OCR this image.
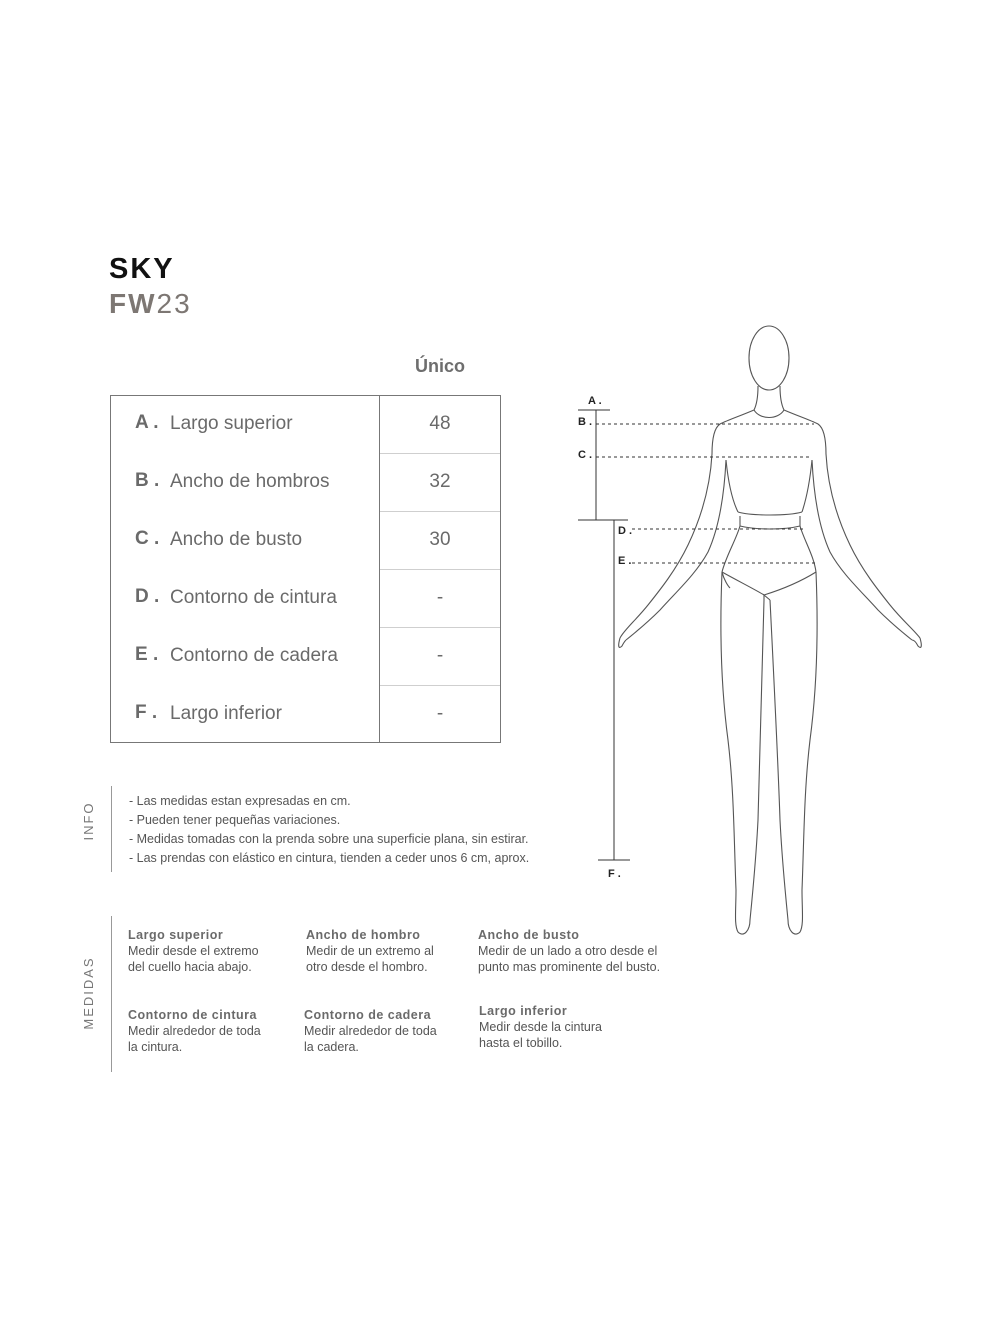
SKY
FW23
Único
A . Largo superior	48
B . Ancho de hombros	32
C . Ancho de busto	30
D . Contorno de cintura	-
E . Contorno de cadera	-
F . Largo inferior	-
INFO
- Las medidas estan expresadas en cm.
- Pueden tener pequeñas variaciones.
- Medidas tomadas con la prenda sobre una superficie plana, sin estirar.
- Las prendas con elástico en cintura, tienden a ceder unos 6 cm, aprox.
MEDIDAS
Largo superior
Medir desde el extremo
del cuello hacia abajo.
Ancho de hombro
Medir de un extremo al
otro desde el hombro.
Ancho de busto
Medir de un lado a otro desde el
punto mas prominente del busto.
Contorno de cintura
Medir alrededor de toda
la cintura.
Contorno de cadera
Medir alrededor de toda
la cadera.
Largo inferior
Medir desde la cintura
hasta el tobillo.
A .
B .
C .
D .
E .
F .
